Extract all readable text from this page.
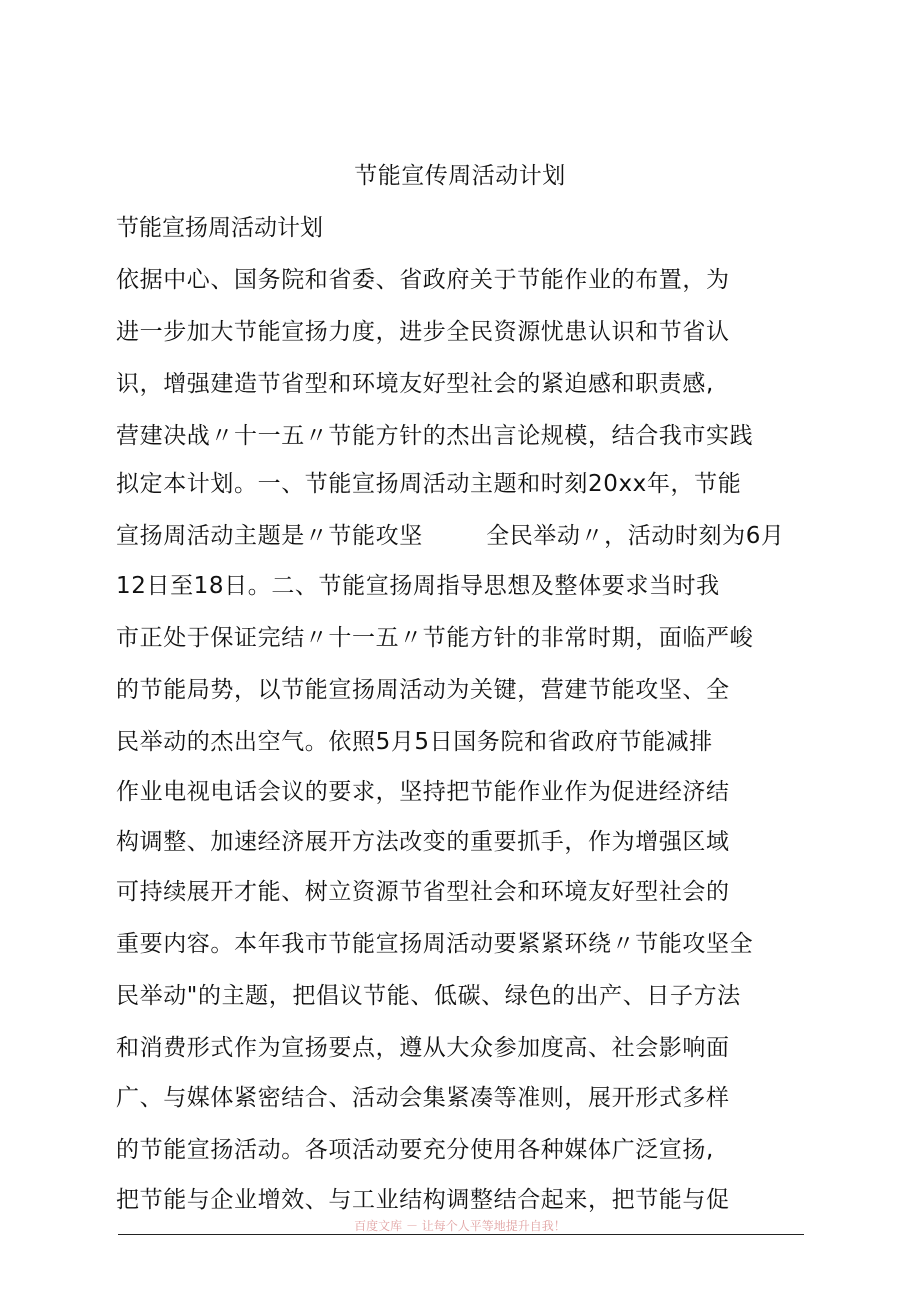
节能宣传周活动计划
节能宣扬周活动计划
依据中心、国务院和省委、省政府关于节能作业的布置，为
进一步加大节能宣扬力度，进步全民资源忧患认识和节省认
识，增强建造节省型和环境友好型社会的紧迫感和职责感,
营建决战〃十一五〃节能方针的杰出言论规模，结合我市实践
拟定本计划。一、节能宣扬周活动主题和时刻20xx年，节能
宣扬周活动主题是〃节能攻坚        全民举动〃，活动时刻为6月
12日至18日。二、节能宣扬周指导思想及整体要求当时我
市正处于保证完结〃十一五〃节能方针的非常时期，面临严峻
的节能局势，以节能宣扬周活动为关键，营建节能攻坚、全
民举动的杰出空气。依照5月5日国务院和省政府节能减排
作业电视电话会议的要求，坚持把节能作业作为促进经济结
构调整、加速经济展开方法改变的重要抓手，作为增强区域
可持续展开才能、树立资源节省型社会和环境友好型社会的
重要内容。本年我市节能宣扬周活动要紧紧环绕〃节能攻坚全
民举动"的主题，把倡议节能、低碳、绿色的出产、日子方法
和消费形式作为宣扬要点，遵从大众参加度高、社会影响面
广、与媒体紧密结合、活动会集紧凑等准则，展开形式多样
的节能宣扬活动。各项活动要充分使用各种媒体广泛宣扬,
把节能与企业增效、与工业结构调整结合起来，把节能与促
百度文库 － 让每个人平等地提升自我！
